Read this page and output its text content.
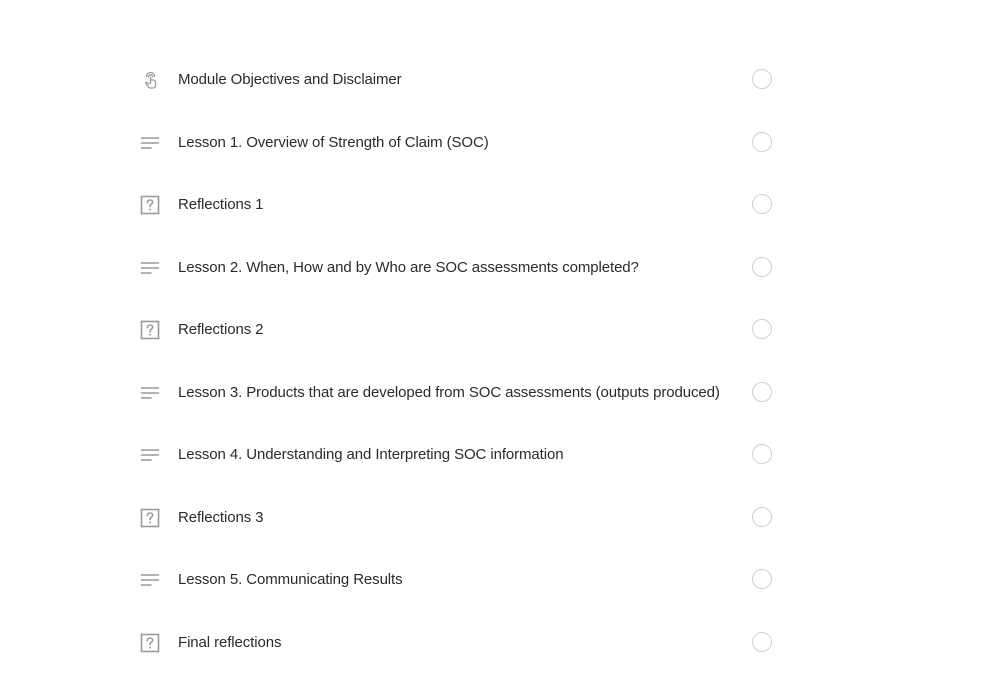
Module Objectives and Disclaimer
Lesson 1. Overview of Strength of Claim (SOC)
Reflections 1
Lesson 2. When, How and by Who are SOC assessments completed?
Reflections 2
Lesson 3. Products that are developed from SOC assessments (outputs produced)
Lesson 4. Understanding and Interpreting SOC information
Reflections 3
Lesson 5. Communicating Results
Final reflections
